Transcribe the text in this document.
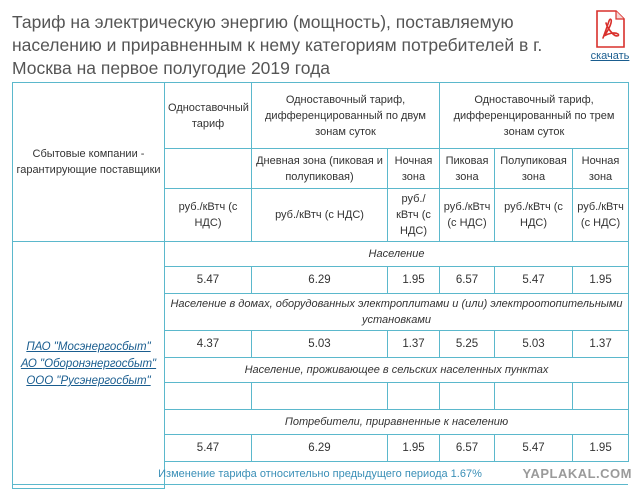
Тариф на электрическую энергию (мощность), поставляемую населению и приравненным к нему категориям потребителей в г. Москва на первое полугодие 2019 года
скачать
Сбытовые компании - гарантирующие поставщики	Одноставочный тариф	Одноставочный тариф, дифференцированный по двум зонам суток		Одноставочный тариф, дифференцированный по трем зонам суток		
		Дневная зона (пиковая и полупиковая)	Ночная зона	Пиковая зона	Полупиковая зона	Ночная зона
	руб./кВтч (с НДС)	руб./кВтч (с НДС)	руб./кВтч (с НДС)	руб./кВтч (с НДС)	руб./кВтч (с НДС)	руб./кВтч (с НДС)

ПАО "Мосэнергосбыт"
АО "Оборонэнергосбыт"
ООО "Русэнергосбыт"	Население					
	5.47	6.29	1.95	6.57	5.47	1.95
	Население в домах, оборудованных электроплитами и (или) электроотопительными установками					
	4.37	5.03	1.37	5.25	5.03	1.37
	Население, проживающее в сельских населенных пунктах					

	Потребители, приравненные к населению					
	5.47	6.29	1.95	6.57	5.47	1.95

Изменение тарифа относительно предыдущего периода 1.67%	YAPLAKAL.COM
